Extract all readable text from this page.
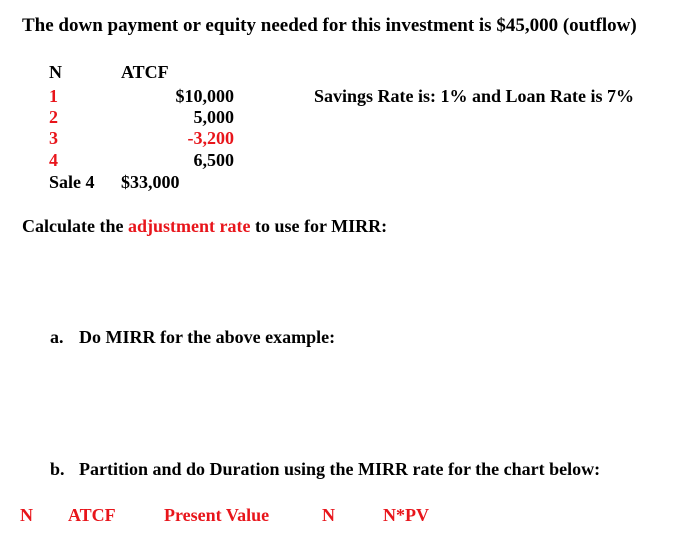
The down payment or equity needed for this investment is $45,000 (outflow)
N	ATCF
1	$10,000
2	5,000
3	-3,200
4	6,500
Sale 4 $33,000
Savings Rate is: 1% and Loan Rate is 7%
Calculate the adjustment rate to use for MIRR:
a. Do MIRR for the above example:
b. Partition and do Duration using the MIRR rate for the chart below:
N ATCF	Present Value	N	N*PV
